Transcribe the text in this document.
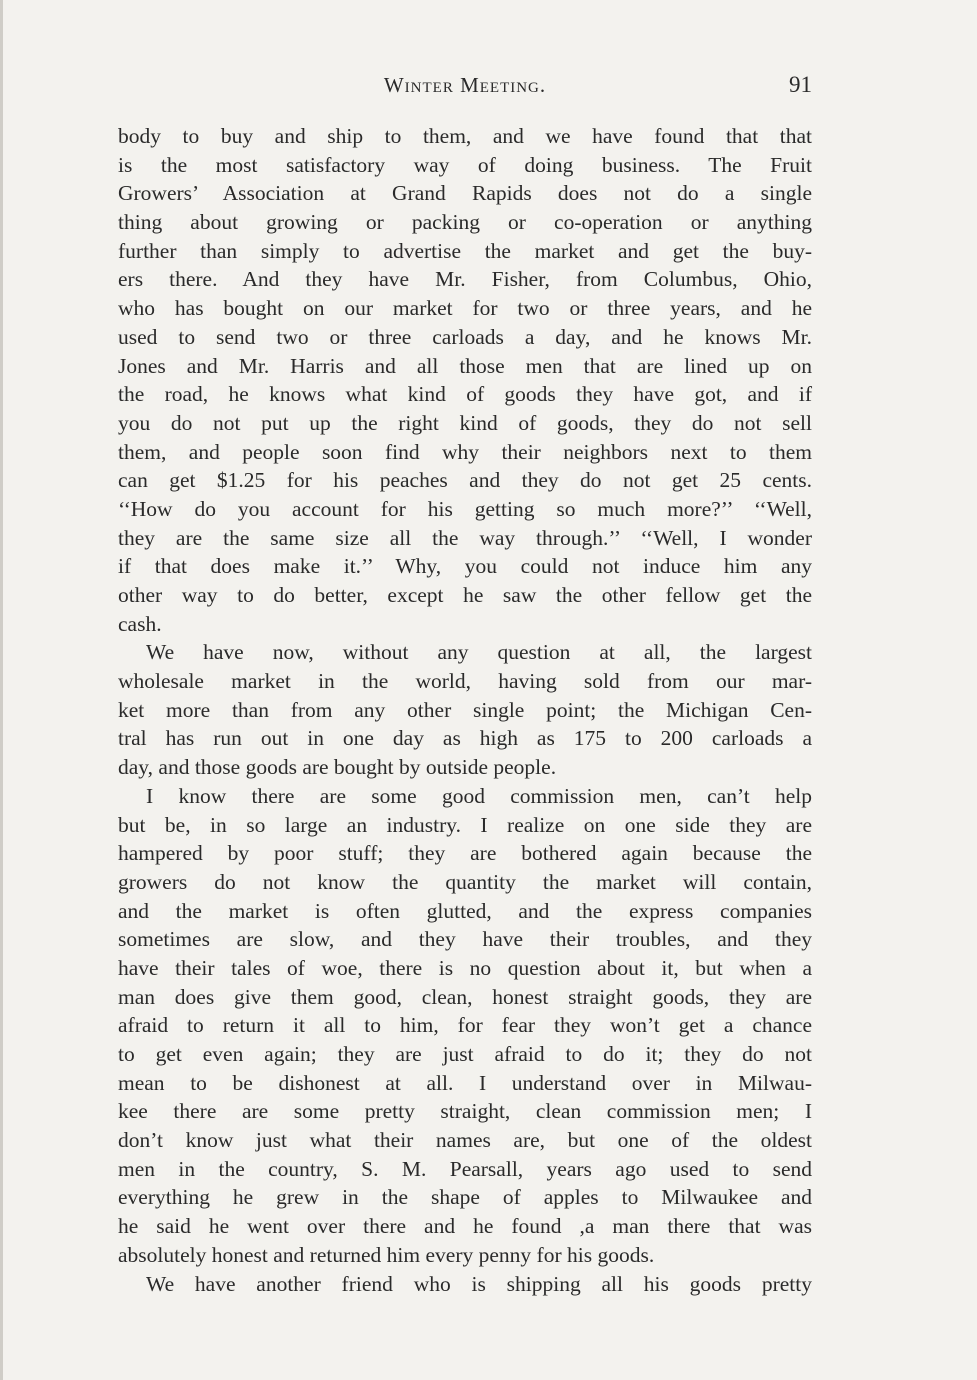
Winter Meeting.	91
body to buy and ship to them, and we have found that that
is the most satisfactory way of doing business. The Fruit
Growers’ Association at Grand Rapids does not do a single
thing about growing or packing or co-operation or anything
further than simply to advertise the market and get the buy-
ers there. And they have Mr. Fisher, from Columbus, Ohio,
who has bought on our market for two or three years, and he
used to send two or three carloads a day, and he knows Mr.
Jones and Mr. Harris and all those men that are lined up on
the road, he knows what kind of goods they have got, and if
you do not put up the right kind of goods, they do not sell
them, and people soon find why their neighbors next to them
can get $1.25 for his peaches and they do not get 25 cents.
‘‘How do you account for his getting so much more?’’ ‘‘Well,
they are the same size all the way through.’’ ‘‘Well, I wonder
if that does make it.’’ Why, you could not induce him any
other way to do better, except he saw the other fellow get the
cash.
We have now, without any question at all, the largest
wholesale market in the world, having sold from our mar-
ket more than from any other single point; the Michigan Cen-
tral has run out in one day as high as 175 to 200 carloads a
day, and those goods are bought by outside people.
I know there are some good commission men, can’t help
but be, in so large an industry. I realize on one side they are
hampered by poor stuff; they are bothered again because the
growers do not know the quantity the market will contain,
and the market is often glutted, and the express companies
sometimes are slow, and they have their troubles, and they
have their tales of woe, there is no question about it, but when a
man does give them good, clean, honest straight goods, they are
afraid to return it all to him, for fear they won’t get a chance
to get even again; they are just afraid to do it; they do not
mean to be dishonest at all. I understand over in Milwau-
kee there are some pretty straight, clean commission men; I
don’t know just what their names are, but one of the oldest
men in the country, S. M. Pearsall, years ago used to send
everything he grew in the shape of apples to Milwaukee and
he said he went over there and he found ,a man there that was
absolutely honest and returned him every penny for his goods.
We have another friend who is shipping all his goods pretty
